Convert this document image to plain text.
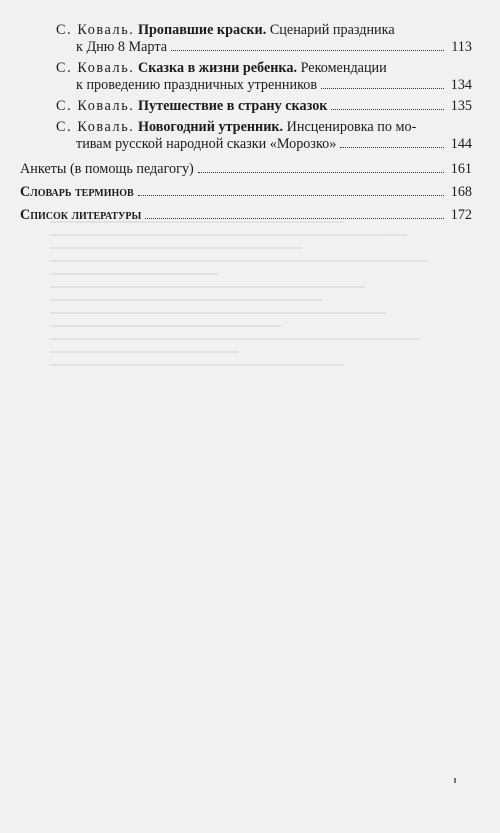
С. Коваль. Пропавшие краски. Сценарий праздника
к Дню 8 Марта	113
С. Коваль. Сказка в жизни ребенка. Рекомендации
к проведению праздничных утренников	134
С. Коваль. Путешествие в страну сказок	135
С. Коваль. Новогодний утренник. Инсценировка по мо-
тивам русской народной сказки «Морозко»	144
Анкеты (в помощь педагогу)	161
Словарь терминов	168
Список литературы	172
